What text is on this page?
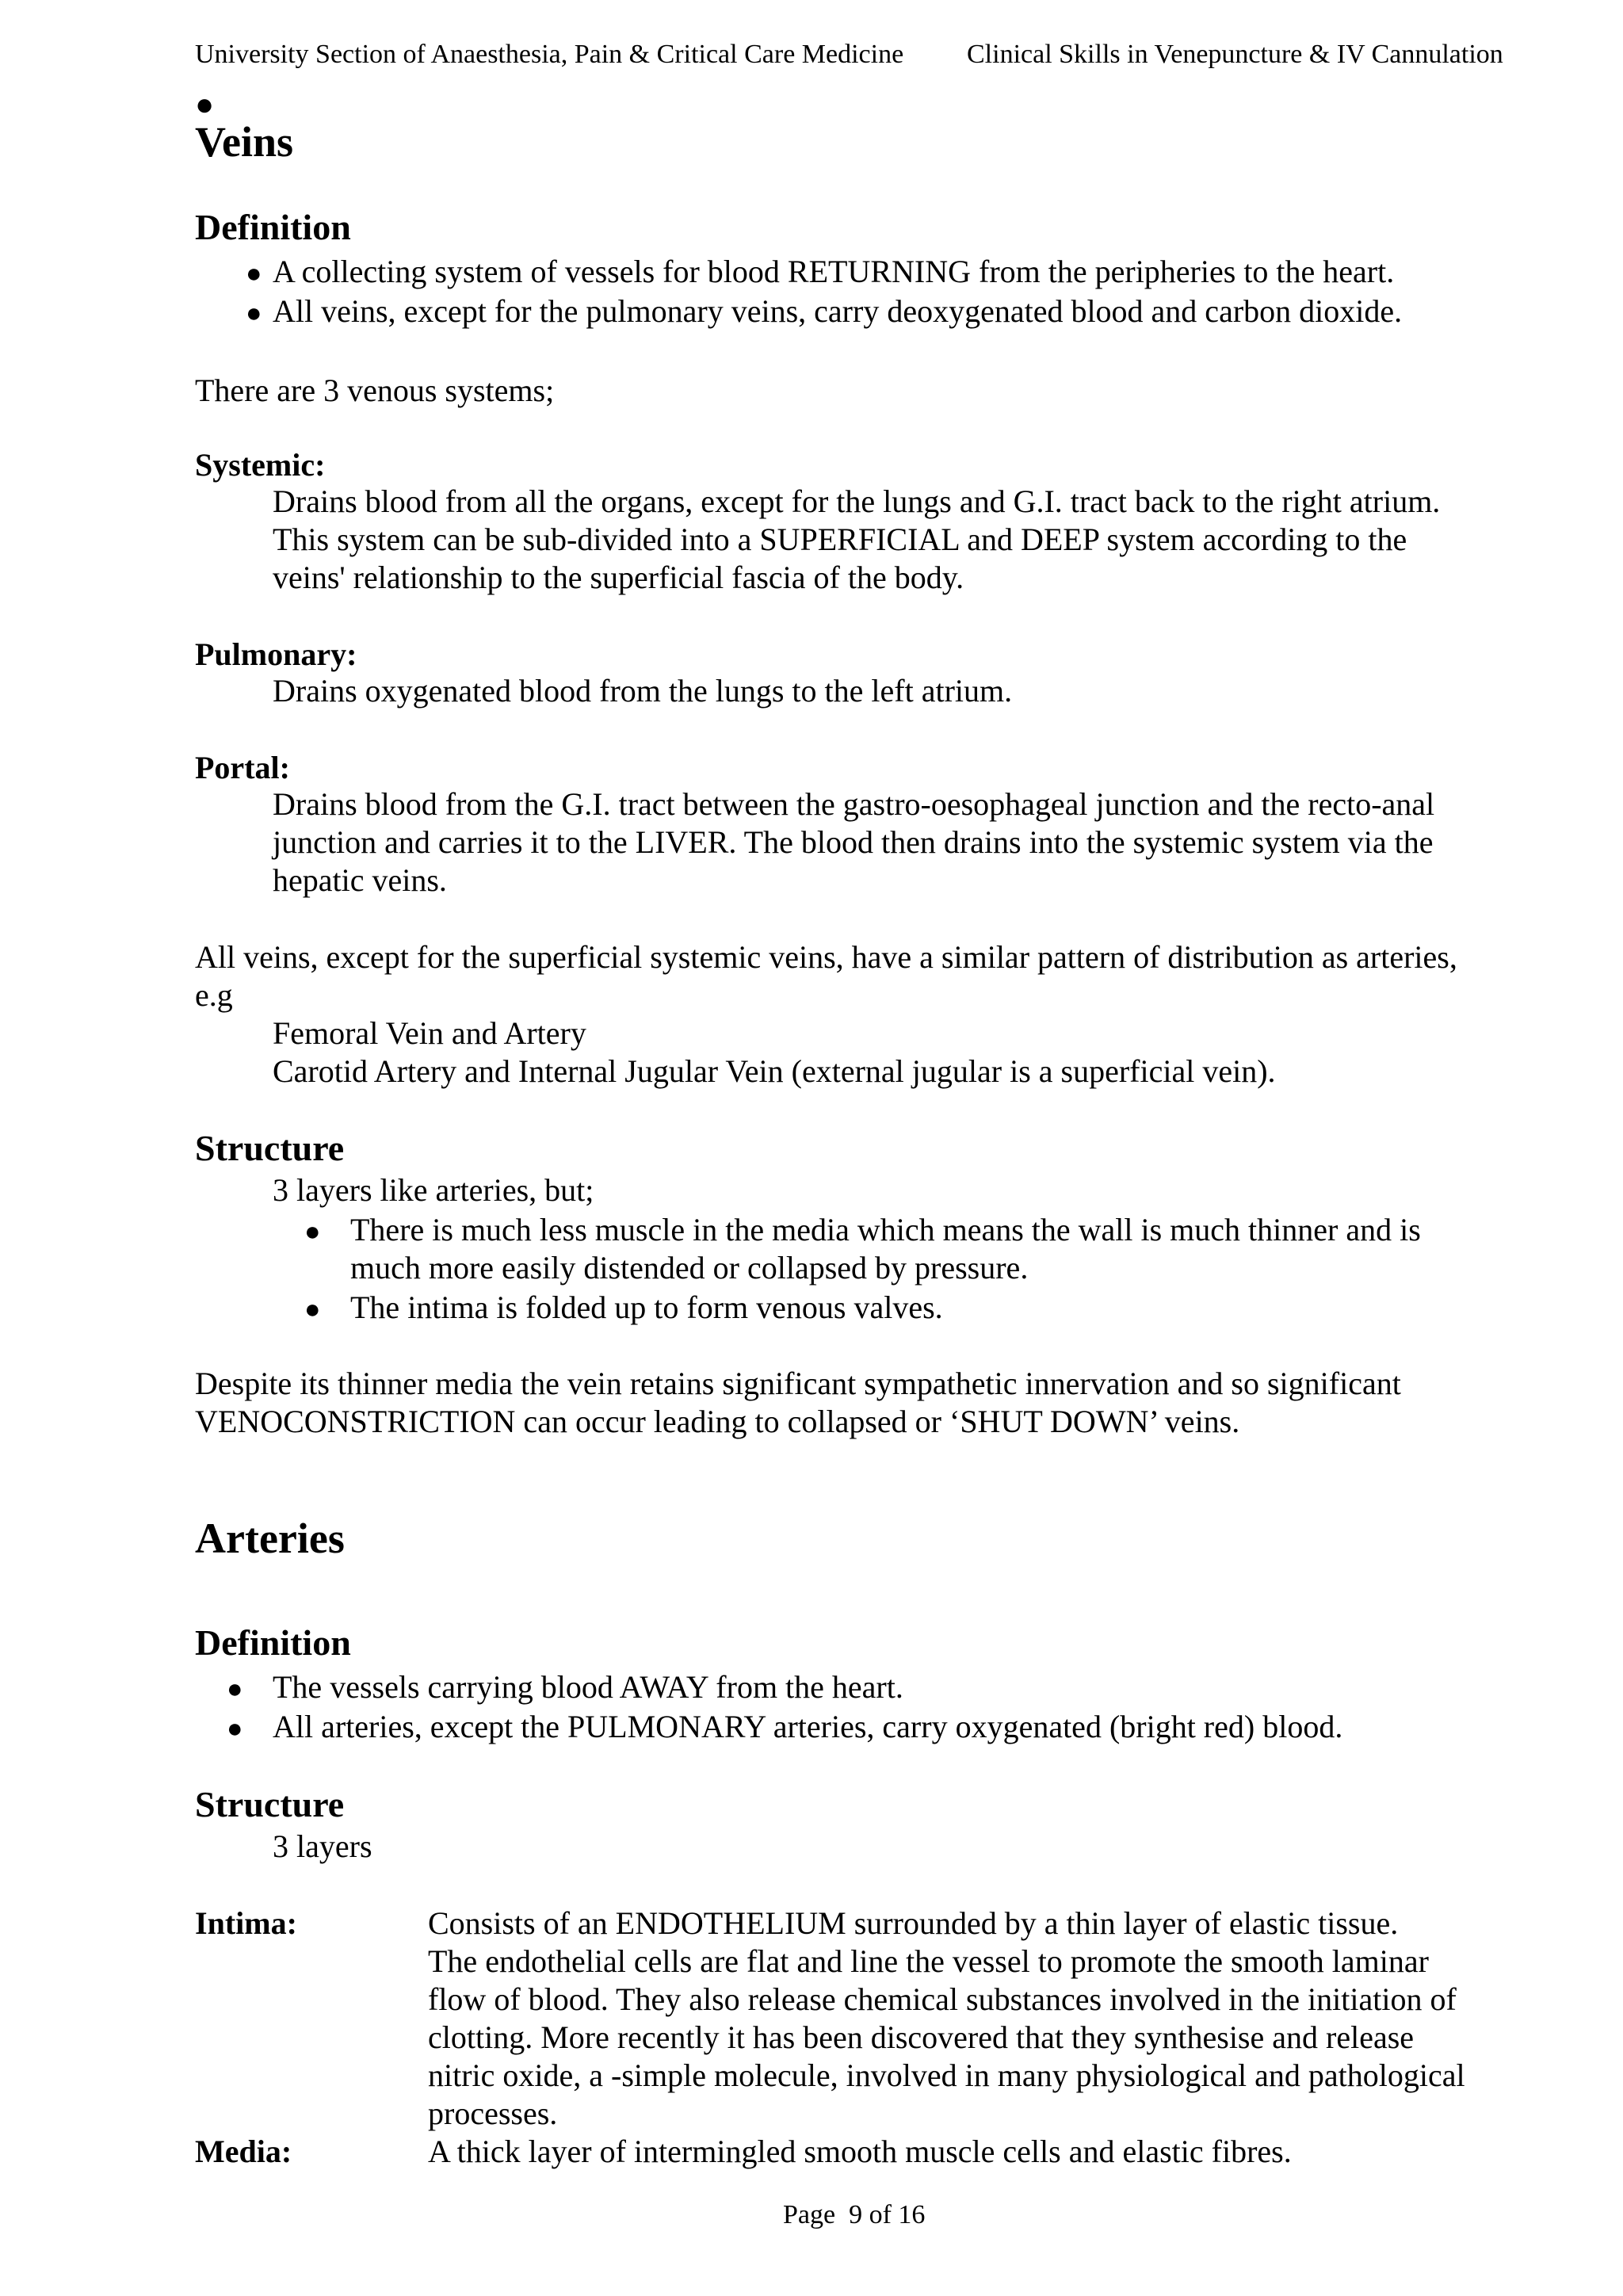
University Section of Anaesthesia, Pain & Critical Care Medicine Clinical Skills in Venepuncture & IV Cannulation
●
Veins
Definition
● A collecting system of vessels for blood RETURNING from the peripheries to the heart.
● All veins, except for the pulmonary veins, carry deoxygenated blood and carbon dioxide.
There are 3 venous systems;
Systemic:
Drains blood from all the organs, except for the lungs and G.I. tract back to the right atrium.
This system can be sub-divided into a SUPERFICIAL and DEEP system according to the
veins' relationship to the superficial fascia of the body.
Pulmonary:
Drains oxygenated blood from the lungs to the left atrium.
Portal:
Drains blood from the G.I. tract between the gastro-oesophageal junction and the recto-anal
junction and carries it to the LIVER. The blood then drains into the systemic system via the
hepatic veins.
All veins, except for the superficial systemic veins, have a similar pattern of distribution as arteries,
e.g
Femoral Vein and Artery
Carotid Artery and Internal Jugular Vein (external jugular is a superficial vein).
Structure
3 layers like arteries, but;
● There is much less muscle in the media which means the wall is much thinner and is
much more easily distended or collapsed by pressure.
● The intima is folded up to form venous valves.
Despite its thinner media the vein retains significant sympathetic innervation and so significant
VENOCONSTRICTION can occur leading to collapsed or ‘SHUT DOWN’ veins.
Arteries
Definition
● The vessels carrying blood AWAY from the heart.
● All arteries, except the PULMONARY arteries, carry oxygenated (bright red) blood.
Structure
3 layers
Intima:	Consists of an ENDOTHELIUM surrounded by a thin layer of elastic tissue.
The endothelial cells are flat and line the vessel to promote the smooth laminar
flow of blood. They also release chemical substances involved in the initiation of
clotting. More recently it has been discovered that they synthesise and release
nitric oxide, a -simple molecule, involved in many physiological and pathological
processes.
Media:	A thick layer of intermingled smooth muscle cells and elastic fibres.
Page  9 of 16
